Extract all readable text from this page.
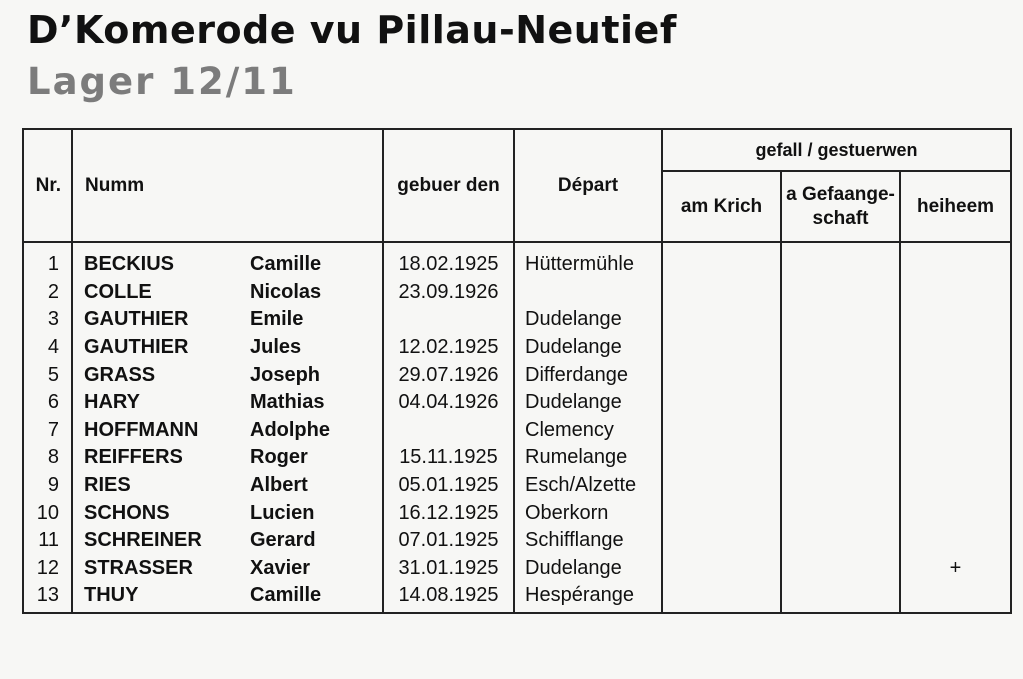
D’Komerode vu Pillau-Neutief
Lager 12/11
Nr.	Numm	gebuer den	Départ	gefall / gestuerwen		
				am Krich	a Gefaange-schaft	heiheem
1	BECKIUS Camille	18.02.1925	Hüttermühle			
2	COLLE Nicolas	23.09.1926				
3	GAUTHIER Emile		Dudelange			
4	GAUTHIER Jules	12.02.1925	Dudelange			
5	GRASS Joseph	29.07.1926	Differdange			
6	HARY Mathias	04.04.1926	Dudelange			
7	HOFFMANN Adolphe		Clemency			
8	REIFFERS Roger	15.11.1925	Rumelange			
9	RIES Albert	05.01.1925	Esch/Alzette			
10	SCHONS Lucien	16.12.1925	Oberkorn			
11	SCHREINER Gerard	07.01.1925	Schifflange			
12	STRASSER Xavier	31.01.1925	Dudelange			+
13	THUY Camille	14.08.1925	Hespérange			
